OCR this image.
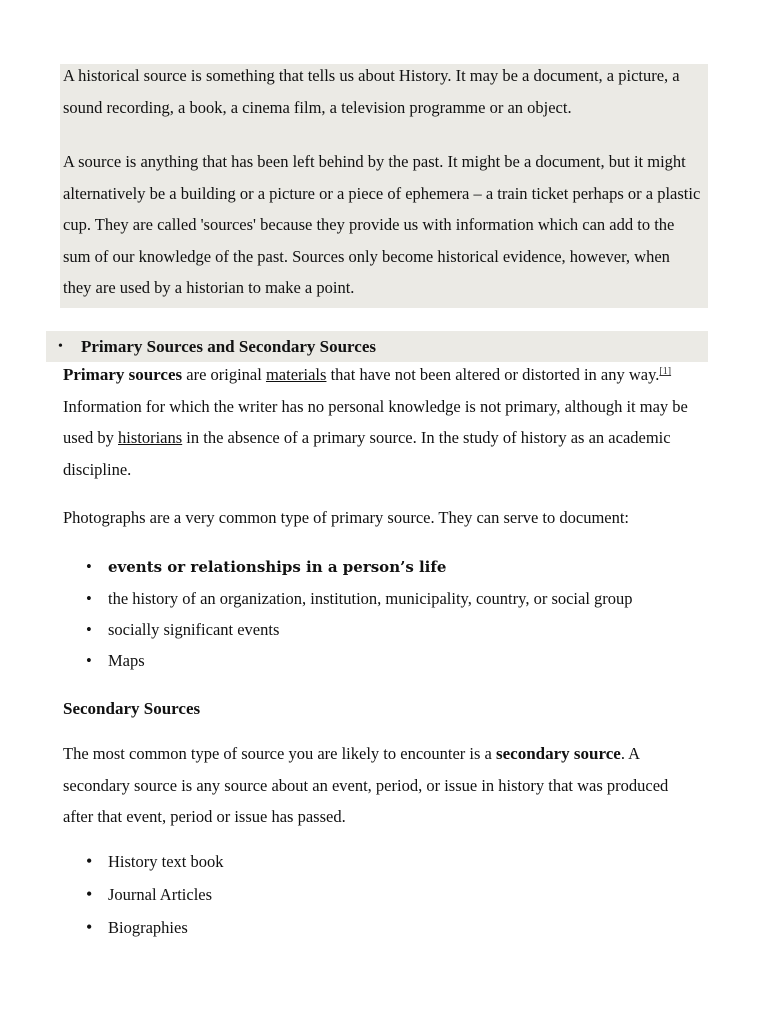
A historical source is something that tells us about History. It may be a document, a picture, a sound recording, a book, a cinema film, a television programme or an object.

A source is anything that has been left behind by the past. It might be a document, but it might alternatively be a building or a picture or a piece of ephemera – a train ticket perhaps or a plastic cup. They are called 'sources' because they provide us with information which can add to the sum of our knowledge of the past. Sources only become historical evidence, however, when they are used by a historian to make a point.

• Primary Sources and Secondary Sources

Primary sources are original materials that have not been altered or distorted in any way.[1] Information for which the writer has no personal knowledge is not primary, although it may be used by historians in the absence of a primary source. In the study of history as an academic discipline.

Photographs are a very common type of primary source. They can serve to document:

• events or relationships in a person’s life
• the history of an organization, institution, municipality, country, or social group
• socially significant events
• Maps
Secondary Sources

The most common type of source you are likely to encounter is a secondary source. A secondary source is any source about an event, period, or issue in history that was produced after that event, period or issue has passed.

• History text book
• Journal Articles
• Biographies
